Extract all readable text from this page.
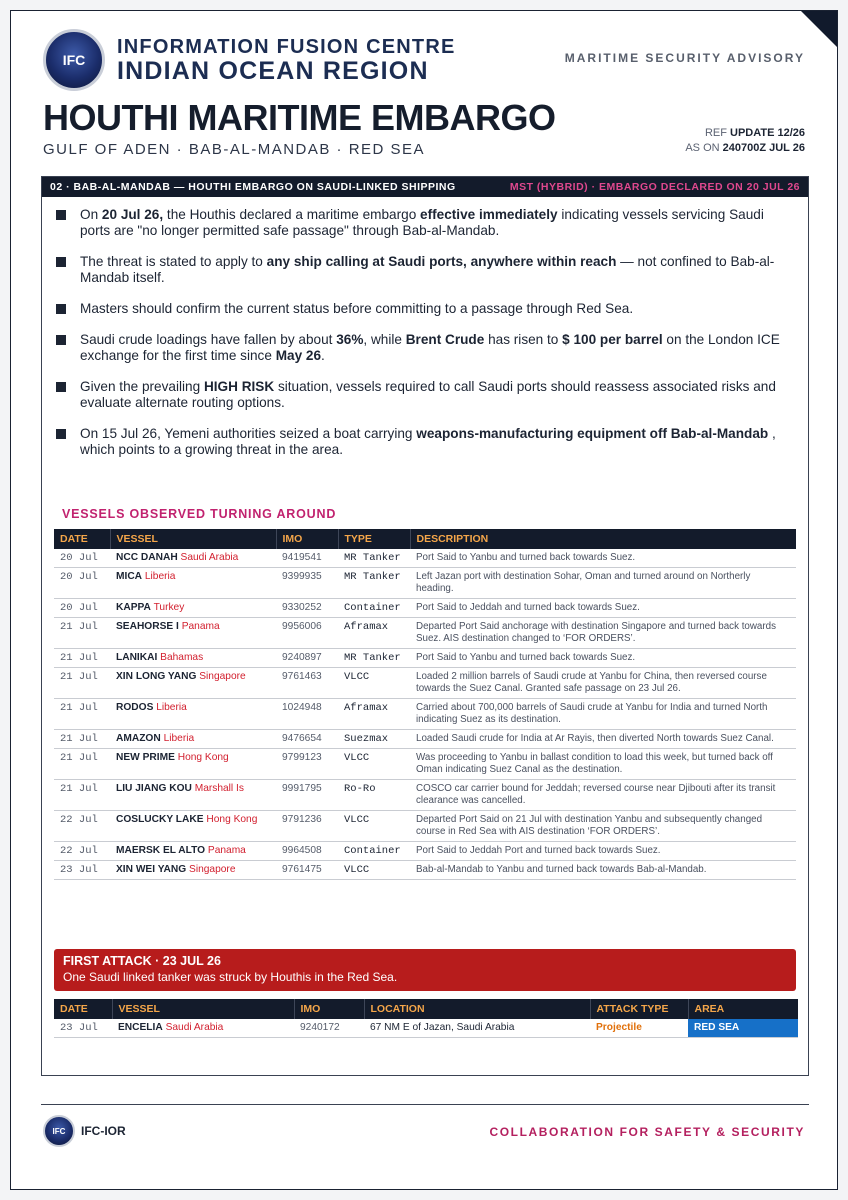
IFC
INFORMATION FUSION CENTRE
INDIAN OCEAN REGION	MARITIME SECURITY ADVISORY
HOUTHI MARITIME EMBARGO
GULF OF ADEN · BAB-AL-MANDAB · RED SEA
REF UPDATE 12/26
AS ON 240700Z JUL 26
02 · BAB-AL-MANDAB — HOUTHI EMBARGO ON SAUDI-LINKED SHIPPING	MST (HYBRID) · EMBARGO DECLARED ON 20 JUL 26
On 20 Jul 26, the Houthis declared a maritime embargo effective immediately indicating vessels servicing Saudi ports are "no longer permitted safe passage" through Bab-al-Mandab.
The threat is stated to apply to any ship calling at Saudi ports, anywhere within reach — not confined to Bab-al-Mandab itself.
Masters should confirm the current status before committing to a passage through Red Sea.
Saudi crude loadings have fallen by about 36%, while Brent Crude has risen to $ 100 per barrel on the London ICE exchange for the first time since May 26.
Given the prevailing HIGH RISK situation, vessels required to call Saudi ports should reassess associated risks and evaluate alternate routing options.
On 15 Jul 26, Yemeni authorities seized a boat carrying weapons-manufacturing equipment off Bab-al-Mandab , which points to a growing threat in the area.
VESSELS OBSERVED TURNING AROUND
DATE	VESSEL	IMO	TYPE	DESCRIPTION
20 Jul	NCC DANAH Saudi Arabia	9419541	MR Tanker	Port Said to Yanbu and turned back towards Suez.
20 Jul	MICA Liberia	9399935	MR Tanker	Left Jazan port with destination Sohar, Oman and turned around on Northerly heading.
20 Jul	KAPPA Turkey	9330252	Container	Port Said to Jeddah and turned back towards Suez.
21 Jul	SEAHORSE I Panama	9956006	Aframax	Departed Port Said anchorage with destination Singapore and turned back towards Suez. AIS destination changed to ‘FOR ORDERS’.
21 Jul	LANIKAI Bahamas	9240897	MR Tanker	Port Said to Yanbu and turned back towards Suez.
21 Jul	XIN LONG YANG Singapore	9761463	VLCC	Loaded 2 million barrels of Saudi crude at Yanbu for China, then reversed course towards the Suez Canal. Granted safe passage on 23 Jul 26.
21 Jul	RODOS Liberia	1024948	Aframax	Carried about 700,000 barrels of Saudi crude at Yanbu for India and turned North indicating Suez as its destination.
21 Jul	AMAZON Liberia	9476654	Suezmax	Loaded Saudi crude for India at Ar Rayis, then diverted North towards Suez Canal.
21 Jul	NEW PRIME Hong Kong	9799123	VLCC	Was proceeding to Yanbu in ballast condition to load this week, but turned back off Oman indicating Suez Canal as the destination.
21 Jul	LIU JIANG KOU Marshall Is	9991795	Ro-Ro	COSCO car carrier bound for Jeddah; reversed course near Djibouti after its transit clearance was cancelled.
22 Jul	COSLUCKY LAKE Hong Kong	9791236	VLCC	Departed Port Said on 21 Jul with destination Yanbu and subsequently changed course in Red Sea with AIS destination ‘FOR ORDERS’.
22 Jul	MAERSK EL ALTO Panama	9964508	Container	Port Said to Jeddah Port and turned back towards Suez.
23 Jul	XIN WEI YANG Singapore	9761475	VLCC	Bab-al-Mandab to Yanbu and turned back towards Bab-al-Mandab.
FIRST ATTACK · 23 JUL 26
One Saudi linked tanker was struck by Houthis in the Red Sea.
DATE	VESSEL	IMO	LOCATION	ATTACK TYPE	AREA
23 Jul	ENCELIA Saudi Arabia	9240172	67 NM E of Jazan, Saudi Arabia	Projectile	RED SEA
IFC	IFC-IOR	COLLABORATION FOR SAFETY & SECURITY
